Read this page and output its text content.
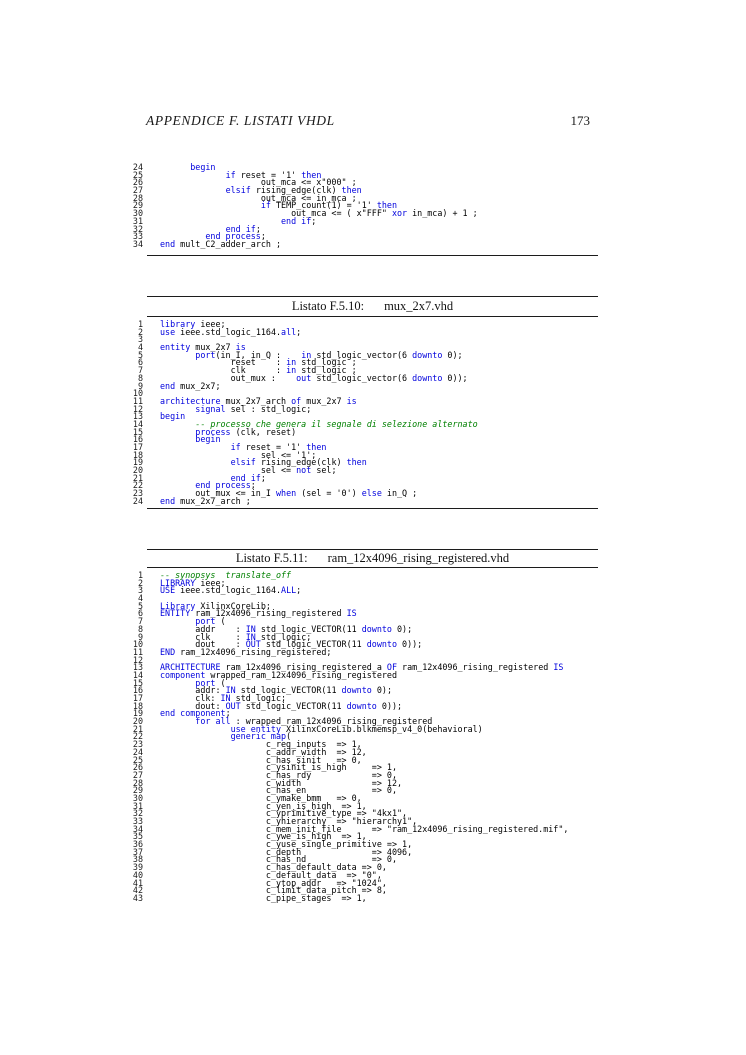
APPENDICE F. LISTATI VHDL	173
24	begin
25	if reset = '1' then
26 out_mca <= x"000" ;
27	elsif rising_edge(clk) then
28 out_mca <= in_mca ;
29	if TEMP_count(1) = '1' then
30 out_mca <= ( x"FFF" xor in_mca) + 1 ;
31	end if;
32	end if;
33	end process;
34 end mult_C2_adder_arch ;
Listato F.5.10: mux_2x7.vhd
1 library ieee;
2 use ieee.std_logic_1164.all;
3
4 entity mux_2x7 is
5	port(in_I, in_Q :    in std_logic_vector(6 downto 0);
6 reset    : in std_logic ;
7 clk      : in std_logic ;
8 out_mux :    out std_logic_vector(6 downto 0));
9 end mux_2x7;
10
11 architecture mux_2x7_arch of mux_2x7 is
12	signal sel : std_logic;
13 begin
14	-- processo che genera il segnale di selezione alternato
15	process (clk, reset)
16	begin
17	if reset = '1' then
18 sel <= '1';
19	elsif rising_edge(clk) then
20 sel <= not sel;
21	end if;
22	end process;
23 out_mux <= in_I when (sel = '0') else in_Q ;
24 end mux_2x7_arch ;
Listato F.5.11: ram_12x4096_rising_registered.vhd
1 -- synopsys  translate_off
2 LIBRARY ieee;
3 USE ieee.std_logic_1164.ALL;
4
5 Library XilinxCoreLib;
6 ENTITY ram_12x4096_rising_registered IS
7	port (
8 addr    : IN std_logic_VECTOR(11 downto 0);
9 clk     : IN std_logic;
10 dout    : OUT std_logic_VECTOR(11 downto 0));
11 END ram_12x4096_rising_registered;
12
13 ARCHITECTURE ram_12x4096_rising_registered_a OF ram_12x4096_rising_registered IS
14 component wrapped_ram_12x4096_rising_registered
15	port (
16 addr: IN std_logic_VECTOR(11 downto 0);
17 clk: IN std_logic;
18 dout: OUT std_logic_VECTOR(11 downto 0));
19 end component;
20	for all : wrapped_ram_12x4096_rising_registered
21	use entity XilinxCoreLib.blkmemsp_v4_0(behavioral)
22	generic map(
23 c_reg_inputs  => 1,
24 c_addr_width  => 12,
25 c_has_sinit   => 0,
26 c_ysinit_is_high     => 1,
27 c_has_rdy            => 0,
28 c_width              => 12,
29 c_has_en             => 0,
30 c_ymake_bmm   => 0,
31 c_yen_is_high  => 1,
32 c_yprimitive_type => "4kx1",
33 c_yhierarchy  => "hierarchy1",
34 c_mem_init_file      => "ram_12x4096_rising_registered.mif",
35 c_ywe_is_high  => 1,
36 c_yuse_single_primitive => 1,
37 c_depth              => 4096,
38 c_has_nd             => 0,
39 c_has_default_data => 0,
40 c_default_data  => "0",
41 c_ytop_addr   => "1024",
42 c_limit_data_pitch => 8,
43 c_pipe_stages  => 1,
